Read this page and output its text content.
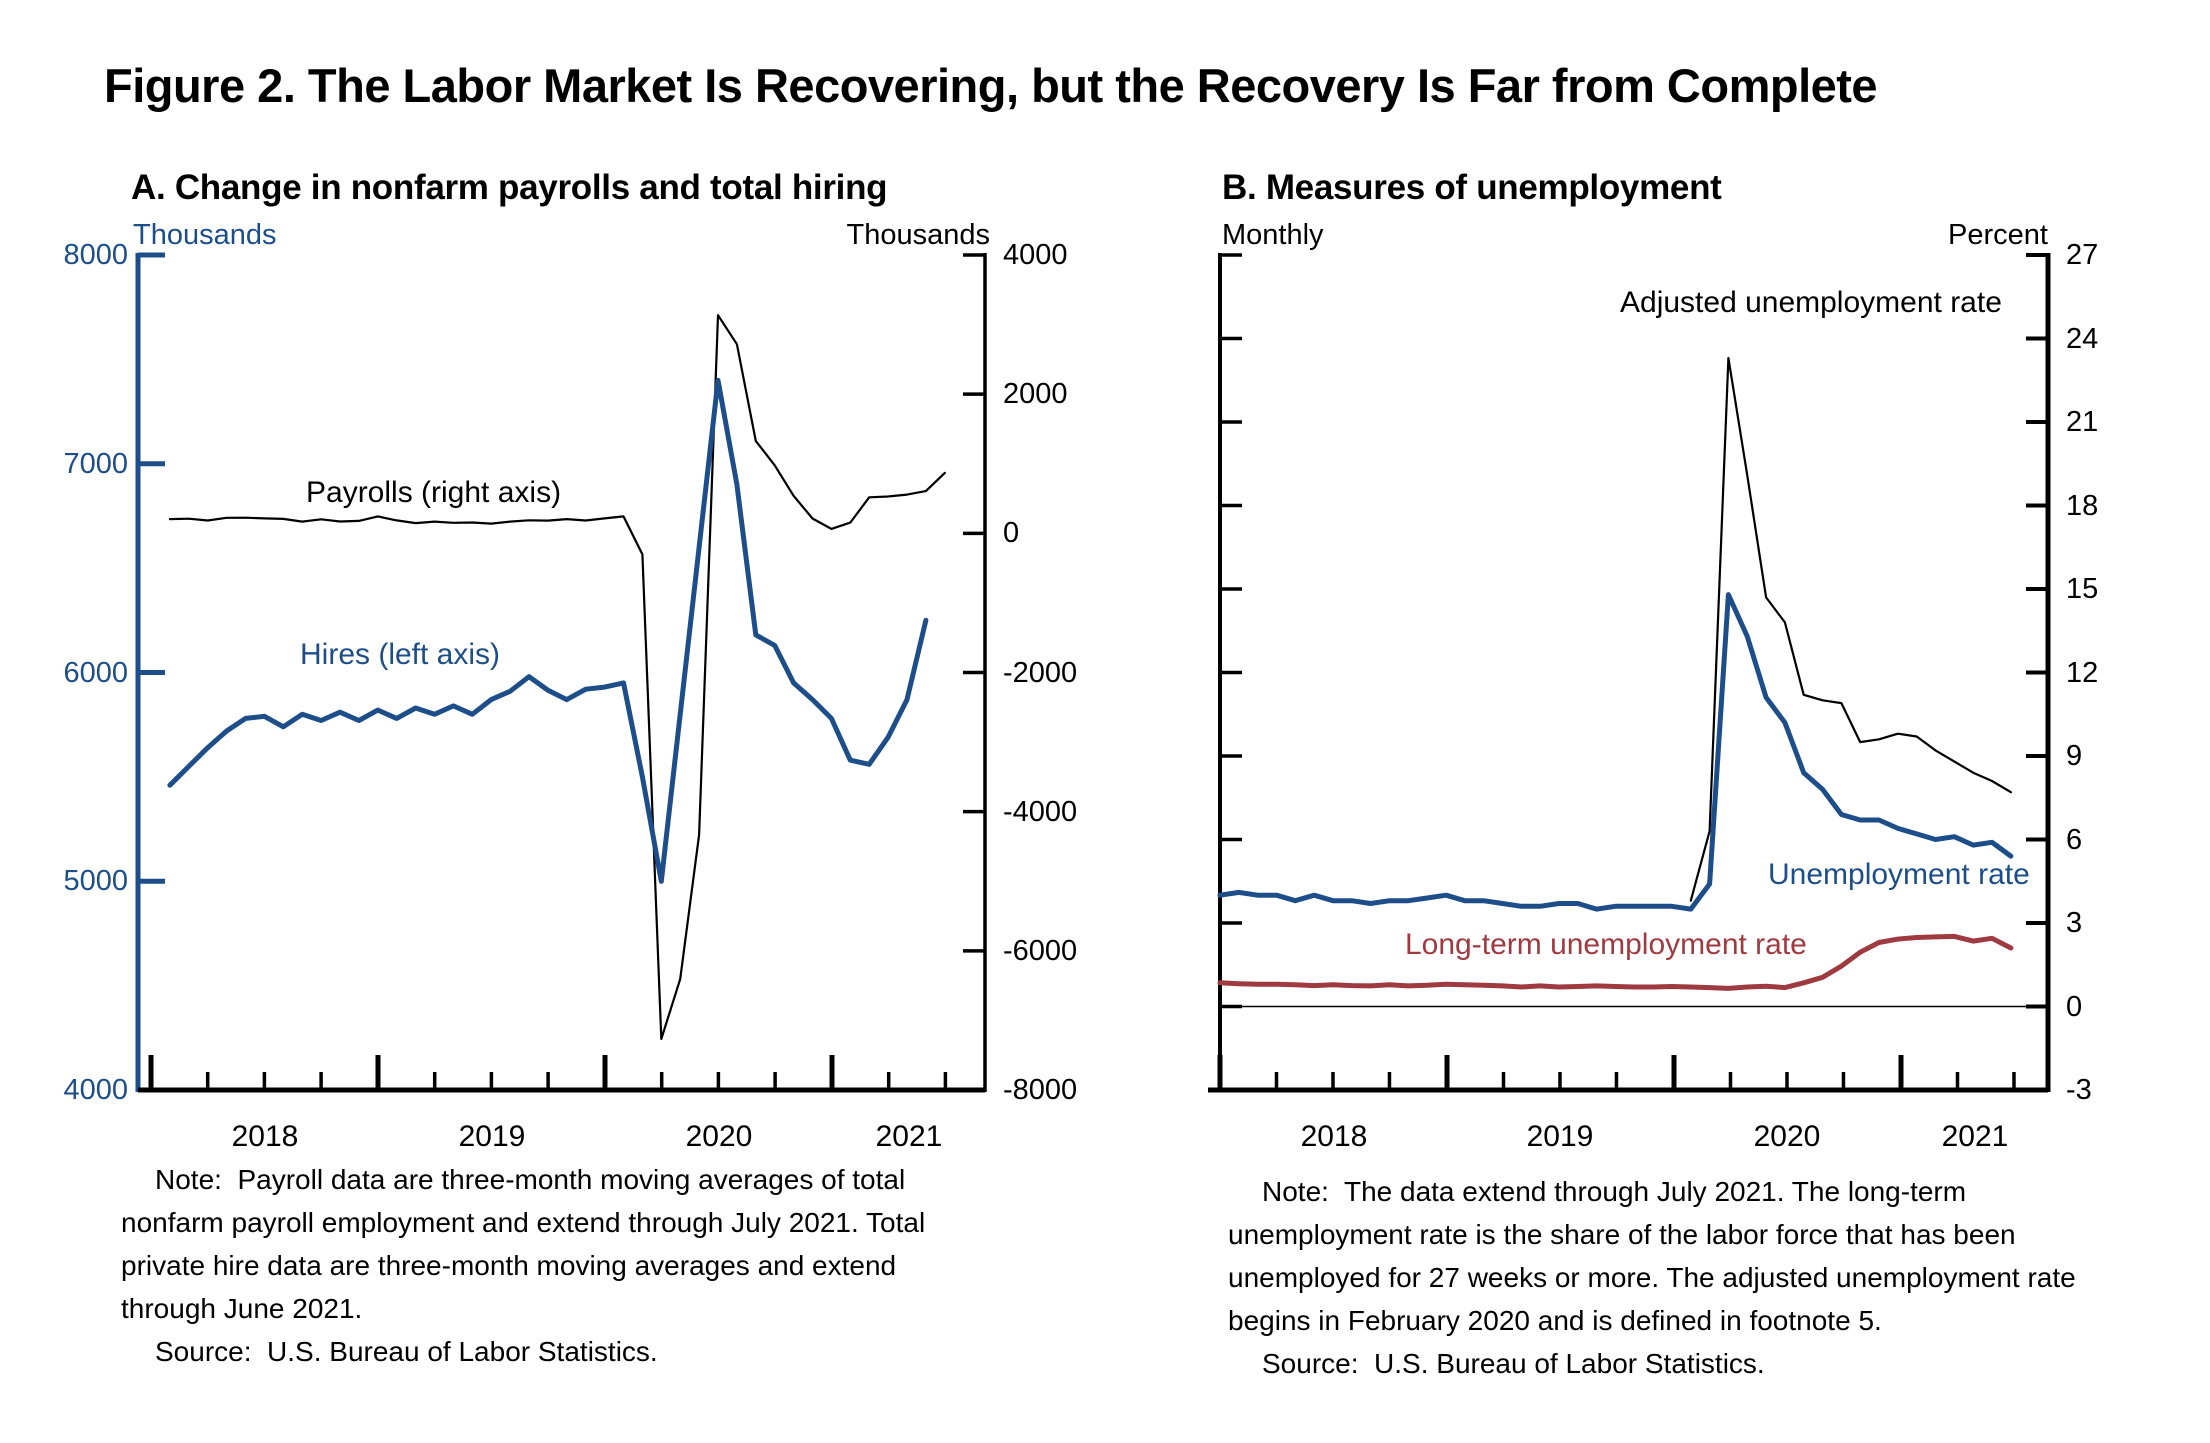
Figure 2. The Labor Market Is Recovering, but the Recovery Is Far from Complete
A. Change in nonfarm payrolls and total hiring
Thousands	Thousands
8000
7000
6000
5000
4000
4000
2000
0
-2000
-4000
-6000
-8000
2018	2019	2020	2021
Payrolls (right axis)
Hires (left axis)
Note:  Payroll data are three-month moving averages of total
nonfarm payroll employment and extend through July 2021. Total
private hire data are three-month moving averages and extend
through June 2021.
Source:  U.S. Bureau of Labor Statistics.
B. Measures of unemployment
Monthly	Percent
27
24
21
18
15
12
9
6
3
0
-3
2018	2019	2020	2021
Adjusted unemployment rate
Unemployment rate
Long-term unemployment rate
Note:  The data extend through July 2021. The long-term
unemployment rate is the share of the labor force that has been
unemployed for 27 weeks or more. The adjusted unemployment rate
begins in February 2020 and is defined in footnote 5.
Source:  U.S. Bureau of Labor Statistics.
